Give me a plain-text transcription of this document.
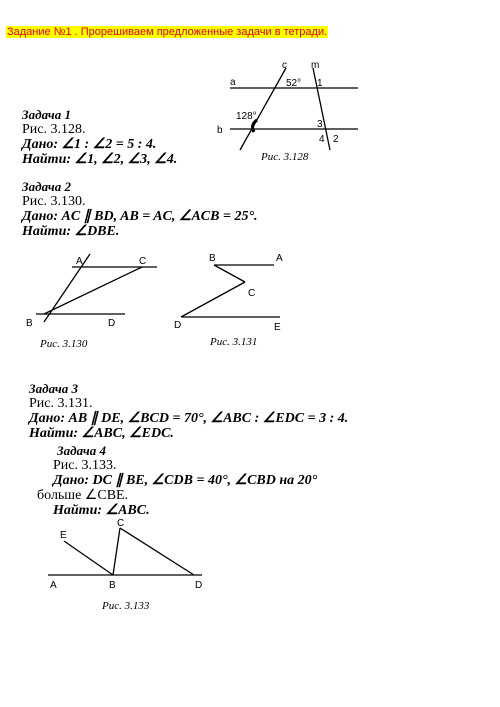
Задание №1 . Прорешиваем предложенные задачи в тетради.
Задача 1
Рис. 3.128.
Дано: ∠1 : ∠2 = 5 : 4.
Найти: ∠1, ∠2, ∠3, ∠4.
c m
a
b
52°
128°
1
3
4 2
Рис. 3.128
Задача 2
Рис. 3.130.
Дано: AC ∥ BD, AB = AC, ∠ACB = 25°.
Найти: ∠DBE.
A	C
B	D
Рис. 3.130
B	A
C
D	E
Рис. 3.131
Задача 3
Рис. 3.131.
Дано: AB ∥ DE, ∠BCD = 70°, ∠ABC : ∠EDC = 3 : 4.
Найти: ∠ABC, ∠EDC.
Задача 4
Рис. 3.133.
Дано: DC ∥ BE, ∠CDB = 40°, ∠CBD на 20°
больше ∠CBE.
Найти: ∠ABC.
E
C
A	B	D
Рис. 3.133
